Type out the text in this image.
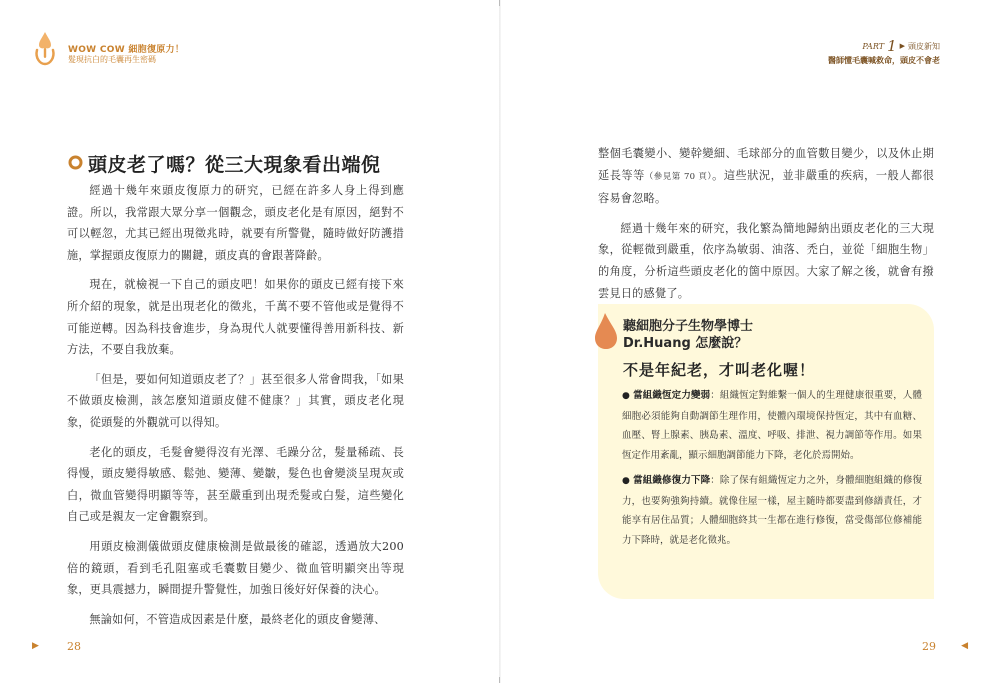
WOW COW 細胞復原力！
髮現抗白的毛囊再生密碼
PART 1 ▶ 頭皮新知
醫師懂毛囊喊救命，頭皮不會老
頭皮老了嗎？從三大現象看出端倪

經過十幾年來頭皮復原力的研究，已經在許多人身上得到應證。所以，我常跟大眾分享一個觀念，頭皮老化是有原因，絕對不可以輕忽，尤其已經出現徵兆時，就要有所警覺，隨時做好防護措施，掌握頭皮復原力的關鍵，頭皮真的會跟著降齡。

現在，就檢視一下自己的頭皮吧！如果你的頭皮已經有接下來所介紹的現象，就是出現老化的徵兆，千萬不要不管他或是覺得不可能逆轉。因為科技會進步，身為現代人就要懂得善用新科技、新方法，不要自我放棄。

「但是，要如何知道頭皮老了？」甚至很多人常會問我，「如果不做頭皮檢測，該怎麼知道頭皮健不健康？」其實，頭皮老化現象，從頭髮的外觀就可以得知。

老化的頭皮，毛髮會變得沒有光澤、毛躁分岔，髮量稀疏、長得慢，頭皮變得敏感、鬆弛、變薄、變皺，髮色也會變淡呈現灰或白，微血管變得明顯等等，甚至嚴重到出現禿髮或白髮，這些變化自己或是親友一定會觀察到。

用頭皮檢測儀做頭皮健康檢測是做最後的確認，透過放大200倍的鏡頭，看到毛孔阻塞或毛囊數目變少、微血管明顯突出等現象，更具震撼力，瞬間提升警覺性，加強日後好好保養的決心。

無論如何，不管造成因素是什麼，最終老化的頭皮會變薄、

整個毛囊變小、變幹變細、毛球部分的血管數目變少，以及休止期延長等等（參見第 70 頁）。這些狀況，並非嚴重的疾病，一般人都很容易會忽略。

經過十幾年來的研究，我化繁為簡地歸納出頭皮老化的三大現象，從輕微到嚴重，依序為敏弱、油落、禿白，並從「細胞生物」的角度，分析這些頭皮老化的箇中原因。大家了解之後，就會有撥雲見日的感覺了。

聽細胞分子生物學博士
Dr.Huang 怎麼說？
不是年紀老，才叫老化喔！

● 當組織恆定力變弱：組織恆定對維繫一個人的生理健康很重要，人體細胞必須能夠自動調節生理作用，使體內環境保持恆定，其中有血糖、血壓、腎上腺素、胰島素、溫度、呼吸、排泄、視力調節等作用。如果恆定作用紊亂，顯示細胞調節能力下降，老化於焉開始。

● 當組織修復力下降：除了保有組織恆定力之外，身體細胞組織的修復力，也要夠強夠持續。就像住屋一樣，屋主隨時都要盡到修繕責任，才能享有居住品質；人體細胞終其一生都在進行修復，當受傷部位修補能力下降時，就是老化徵兆。

▶	28	29	◀
